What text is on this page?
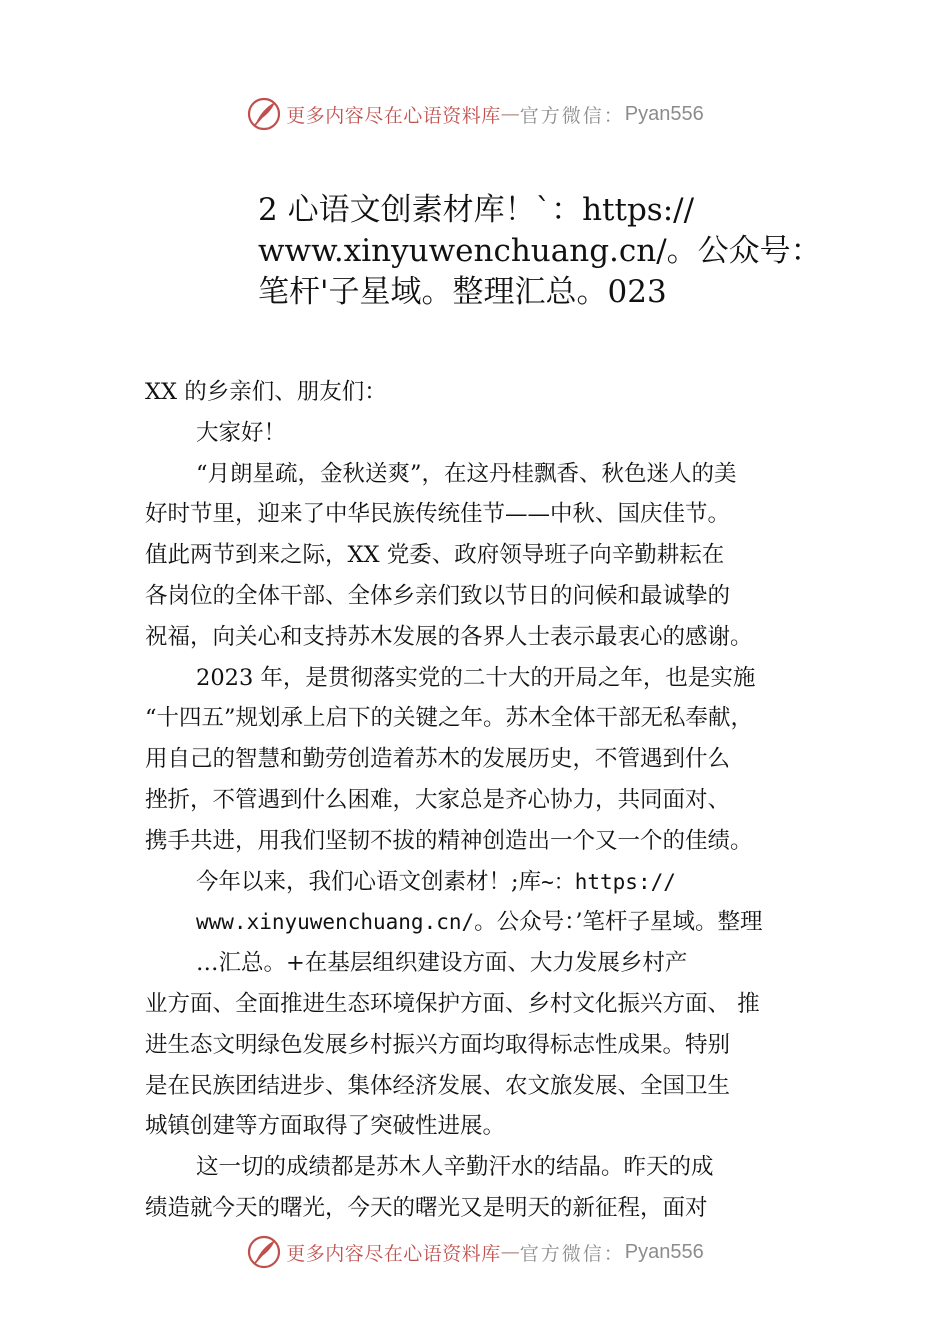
更多内容尽在心语资料库 — 官方微信： Pyan556
2 心语文创素材库！`：https://
www.xinyuwenchuang.cn/。公众号：
笔杆'子星域。整理汇总。023
XX 的乡亲们、朋友们：
大家好！
“月朗星疏，金秋送爽”，在这丹桂飘香、秋色迷人的美
好时节里，迎来了中华民族传统佳节——中秋、国庆佳节。
值此两节到来之际，XX 党委、政府领导班子向辛勤耕耘在
各岗位的全体干部、全体乡亲们致以节日的问候和最诚挚的
祝福，向关心和支持苏木发展的各界人士表示最衷心的感谢。
2023 年，是贯彻落实党的二十大的开局之年，也是实施
“十四五”规划承上启下的关键之年。苏木全体干部无私奉献，
用自己的智慧和勤劳创造着苏木的发展历史，不管遇到什么
挫折，不管遇到什么困难，大家总是齐心协力，共同面对、
携手共进，用我们坚韧不拔的精神创造出一个又一个的佳绩。
今年以来，我们心语文创素材！;库~：https://
www.xinyuwenchuang.cn/。公众号：’笔杆子星域。整理
…汇总。+在基层组织建设方面、大力发展乡村产
业方面、全面推进生态环境保护方面、乡村文化振兴方面、 推
进生态文明绿色发展乡村振兴方面均取得标志性成果。特别
是在民族团结进步、集体经济发展、农文旅发展、全国卫生
城镇创建等方面取得了突破性进展。
这一切的成绩都是苏木人辛勤汗水的结晶。昨天的成
绩造就今天的曙光，今天的曙光又是明天的新征程，面对
更多内容尽在心语资料库 — 官方微信： Pyan556
